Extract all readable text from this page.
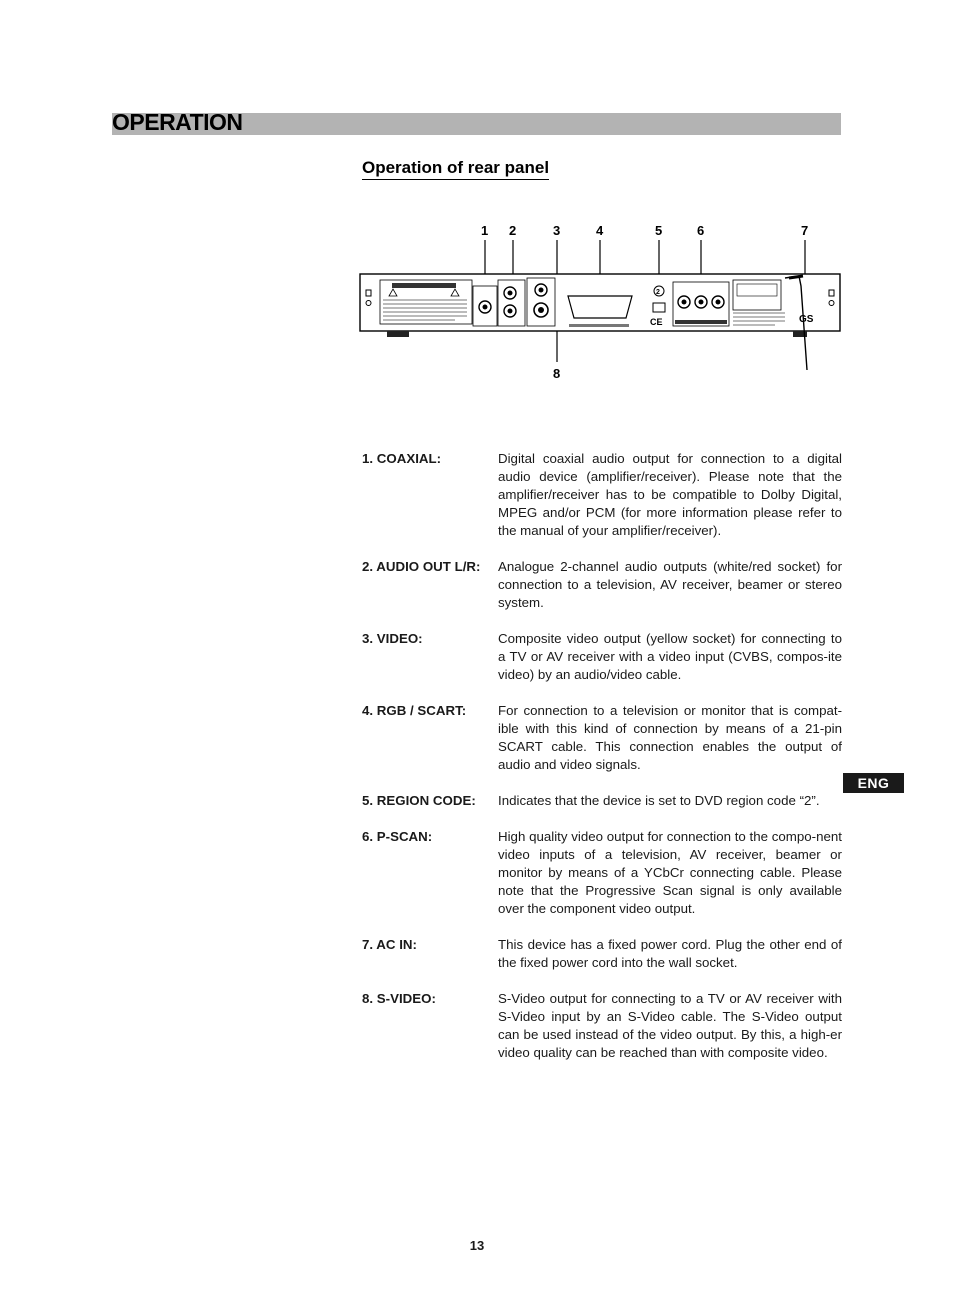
OPERATION
Operation of rear panel
1 2	3	4	5	6	7
8
2
CE	GS
1. COAXIAL:	Digital coaxial audio output for connection to a digital audio device (amplifier/receiver). Please note that the amplifier/receiver has to be compatible to Dolby Digital, MPEG and/or PCM (for more information please refer to the manual of your amplifier/receiver).
2. AUDIO OUT L/R:	Analogue 2-channel audio outputs (white/red socket) for connection to a television, AV receiver, beamer or stereo system.
3. VIDEO:	Composite video output (yellow socket) for connecting to a TV or AV receiver with a video input (CVBS, compos-ite video) by an audio/video cable.
4. RGB / SCART:	For connection to a television or monitor that is compat-ible with this kind of connection by means of a 21-pin SCART cable. This connection enables the output of audio and video signals.
5. REGION CODE:	Indicates that the device is set to DVD region code “2”.
6. P-SCAN:	High quality video output for connection to the compo-nent video inputs of a television, AV receiver, beamer or monitor by means of a YCbCr connecting cable. Please note that the Progressive Scan signal is only available over the component video output.
7. AC IN:	This device has a fixed power cord. Plug the other end of the fixed power cord into the wall socket.
8. S-VIDEO:	S-Video output for connecting to a TV or AV receiver with S-Video input by an S-Video cable. The S-Video output can be used instead of the video output. By this, a high-er video quality can be reached than with composite video.
ENG
13
